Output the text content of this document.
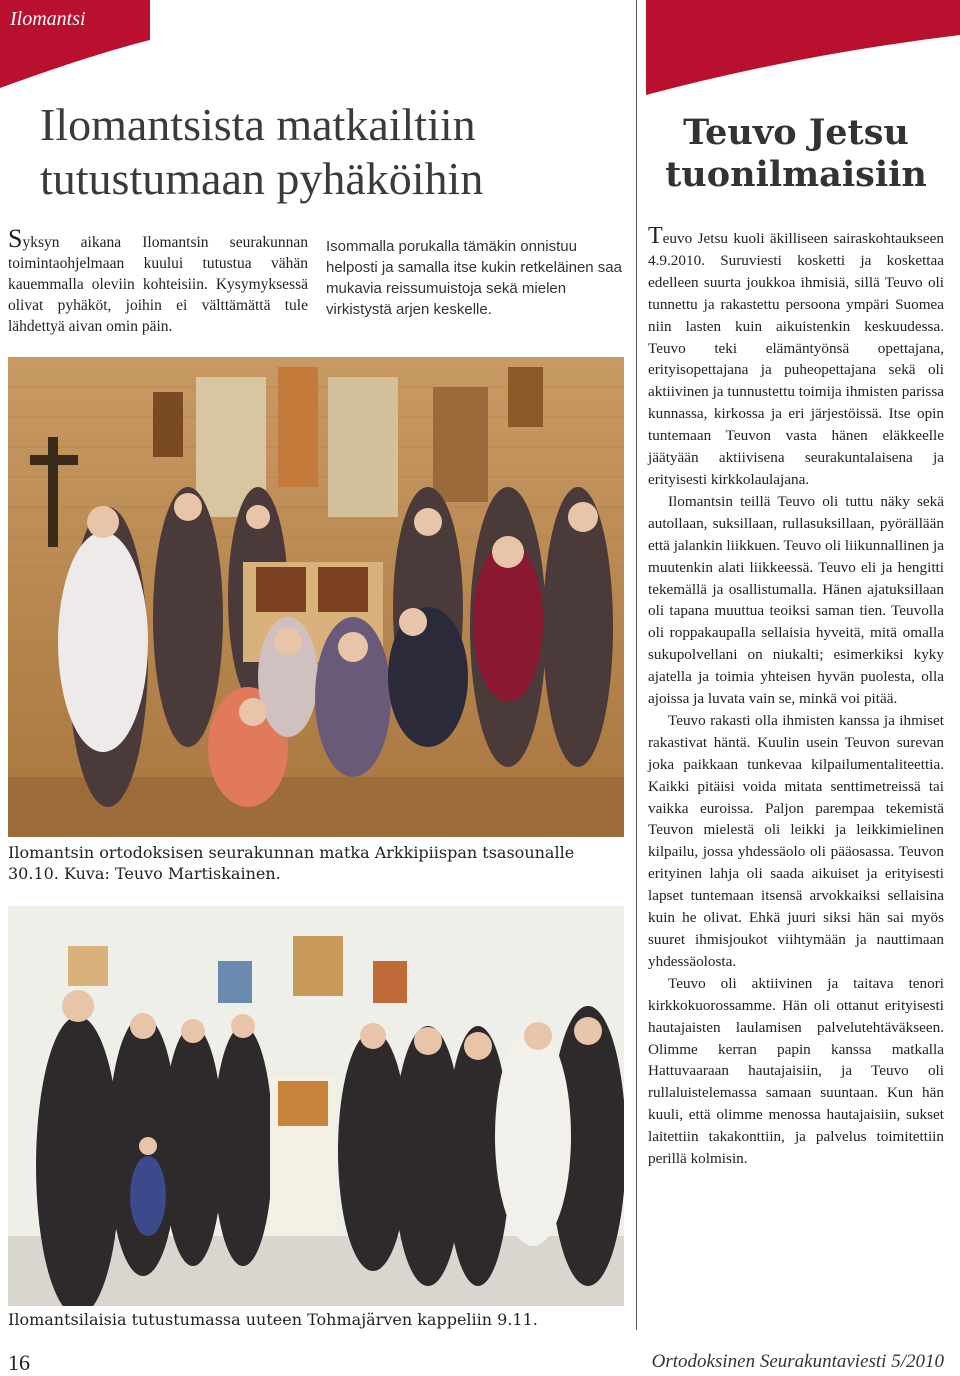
Ilomantsi
Ilomantsista matkailtiin tutustumaan pyhäköihin

Syksyn aikana Ilomantsin seurakunnan toimintaohjelmaan kuului tutustua vähän kauemmalla oleviin kohteisiin. Kysymyksessä olivat pyhäköt, joihin ei välttämättä tule lähdettyä aivan omin päin.

Isommalla porukalla tämäkin onnistuu helposti ja samalla itse kukin retkeläinen saa mukavia reissumuistoja sekä mielen virkistystä arjen keskelle.

Ilomantsin ortodoksisen seurakunnan matka Arkkipiispan tsasounalle 30.10. Kuva: Teuvo Martiskainen.

Ilomantsilaisia tutustumassa uuteen Tohmajärven kappeliin 9.11.

Teuvo Jetsu tuonilmaisiin

Teuvo Jetsu kuoli äkilliseen sairaskohtaukseen 4.9.2010. Suruviesti kosketti ja koskettaa edelleen suurta joukkoa ihmisiä, sillä Teuvo oli tunnettu ja rakastettu persoona ympäri Suomea niin lasten kuin aikuistenkin keskuudessa. Teuvo teki elämäntyönsä opettajana, erityisopettajana ja puheopettajana sekä oli aktiivinen ja tunnustettu toimija ihmisten parissa kunnassa, kirkossa ja eri järjestöissä. Itse opin tuntemaan Teuvon vasta hänen eläkkeelle jäätyään aktiivisena seurakuntalaisena ja erityisesti kirkkolaulajana.

Ilomantsin teillä Teuvo oli tuttu näky sekä autollaan, suksillaan, rullasuksillaan, pyörällään että jalankin liikkuen. Teuvo oli liikunnallinen ja muutenkin alati liikkeessä. Teuvo eli ja hengitti tekemällä ja osallistumalla. Hänen ajatuksillaan oli tapana muuttua teoiksi saman tien. Teuvolla oli roppakaupalla sellaisia hyveitä, mitä omalla sukupolvellani on niukalti; esimerkiksi kyky ajatella ja toimia yhteisen hyvän puolesta, olla ajoissa ja luvata vain se, minkä voi pitää.

Teuvo rakasti olla ihmisten kanssa ja ihmiset rakastivat häntä. Kuulin usein Teuvon surevan joka paikkaan tunkevaa kilpailumentaliteettia. Kaikki pitäisi voida mitata senttimetreissä tai vaikka euroissa. Paljon parempaa tekemistä Teuvon mielestä oli leikki ja leikkimielinen kilpailu, jossa yhdessäolo oli pääosassa. Teuvon erityinen lahja oli saada aikuiset ja erityisesti lapset tuntemaan itsensä arvokkaiksi sellaisina kuin he olivat. Ehkä juuri siksi hän sai myös suuret ihmisjoukot viihtymään ja nauttimaan yhdessäolosta.

Teuvo oli aktiivinen ja taitava tenori kirkkokuorossamme. Hän oli ottanut erityisesti hautajaisten laulamisen palvelutehtäväkseen. Olimme kerran papin kanssa matkalla Hattuvaaraan hautajaisiin, ja Teuvo oli rullaluistelemassa samaan suuntaan. Kun hän kuuli, että olimme menossa hautajaisiin, sukset laitettiin takakonttiin, ja palvelus toimitettiin perillä kolmisin.

16	Ortodoksinen Seurakuntaviesti 5/2010
